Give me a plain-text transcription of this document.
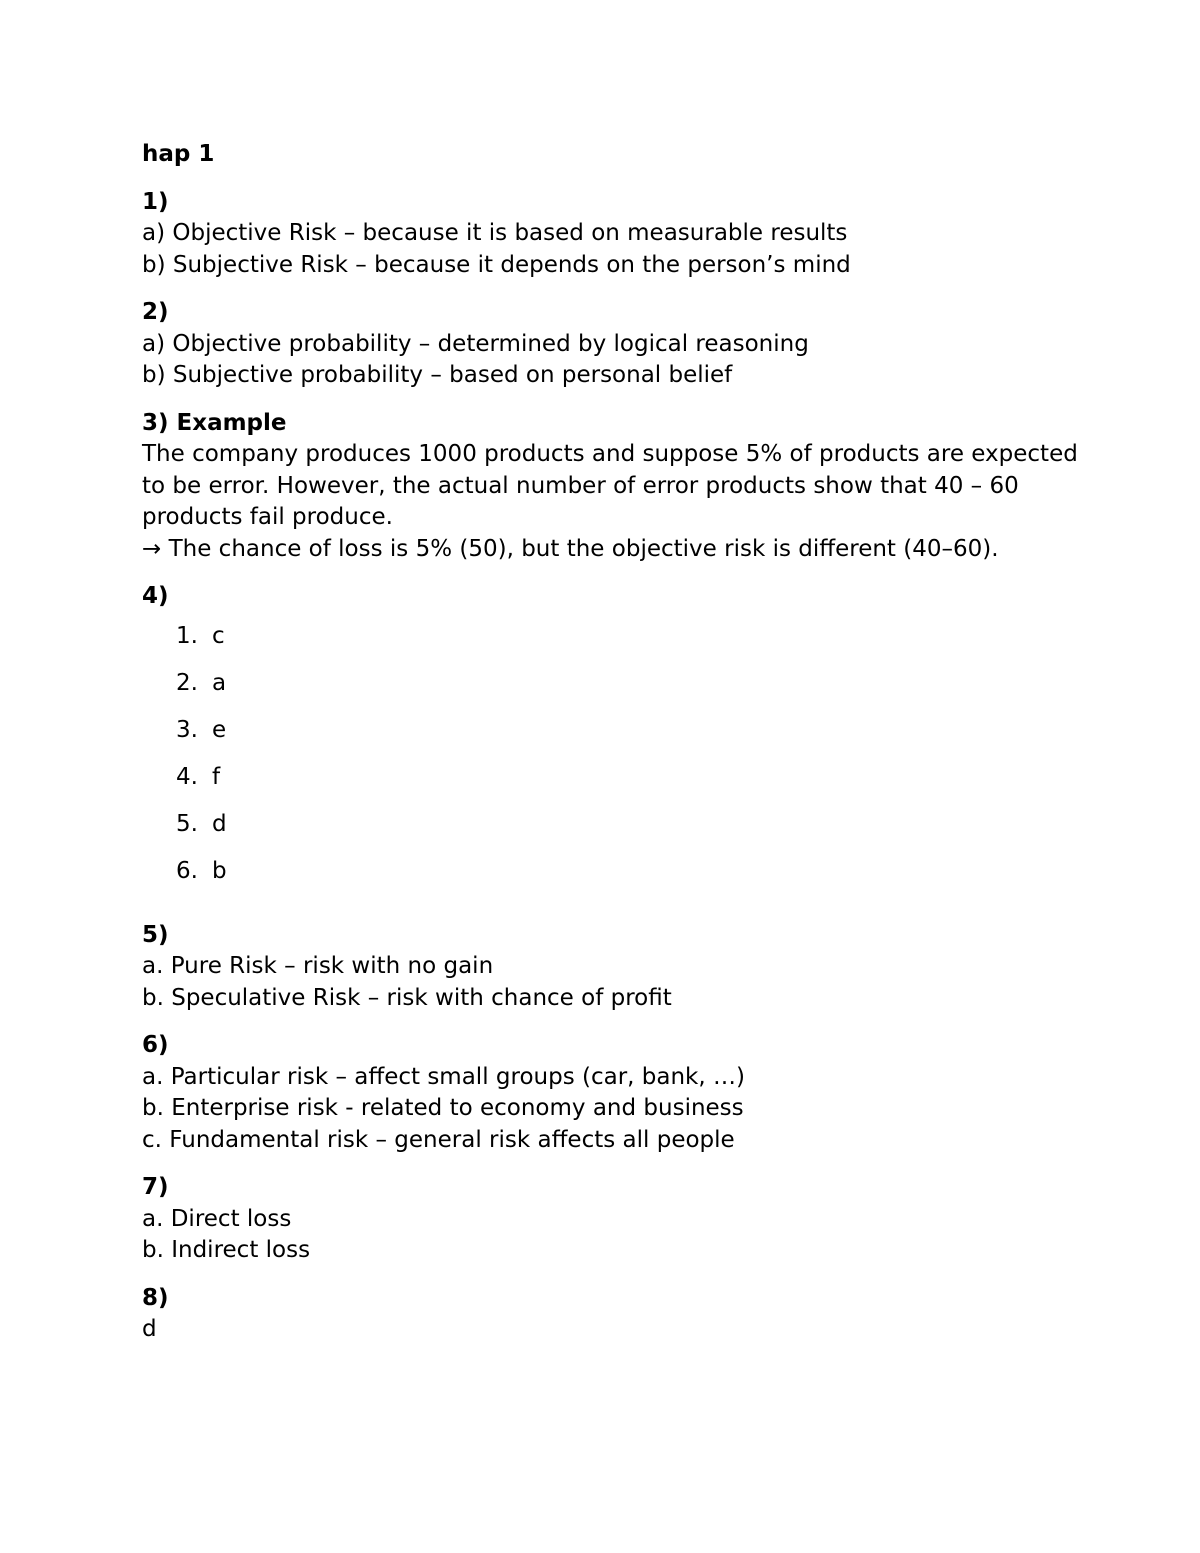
hap 1
1)
a) Objective Risk – because it is based on measurable results
b) Subjective Risk – because it depends on the person’s mind
2)
a) Objective probability – determined by logical reasoning
b) Subjective probability – based on personal belief
3) Example
The company produces 1000 products and suppose 5% of products are expected to be error. However, the actual number of error products show that 40 – 60 products fail produce.
→ The chance of loss is 5% (50), but the objective risk is different (40–60).
4)
1. c
2. a
3. e
4. f
5. d
6. b
5)
a. Pure Risk – risk with no gain
b. Speculative Risk – risk with chance of profit
6)
a. Particular risk – affect small groups (car, bank, …)
b. Enterprise risk - related to economy and business
c. Fundamental risk – general risk affects all people
7)
a. Direct loss
b. Indirect loss
8)
d
